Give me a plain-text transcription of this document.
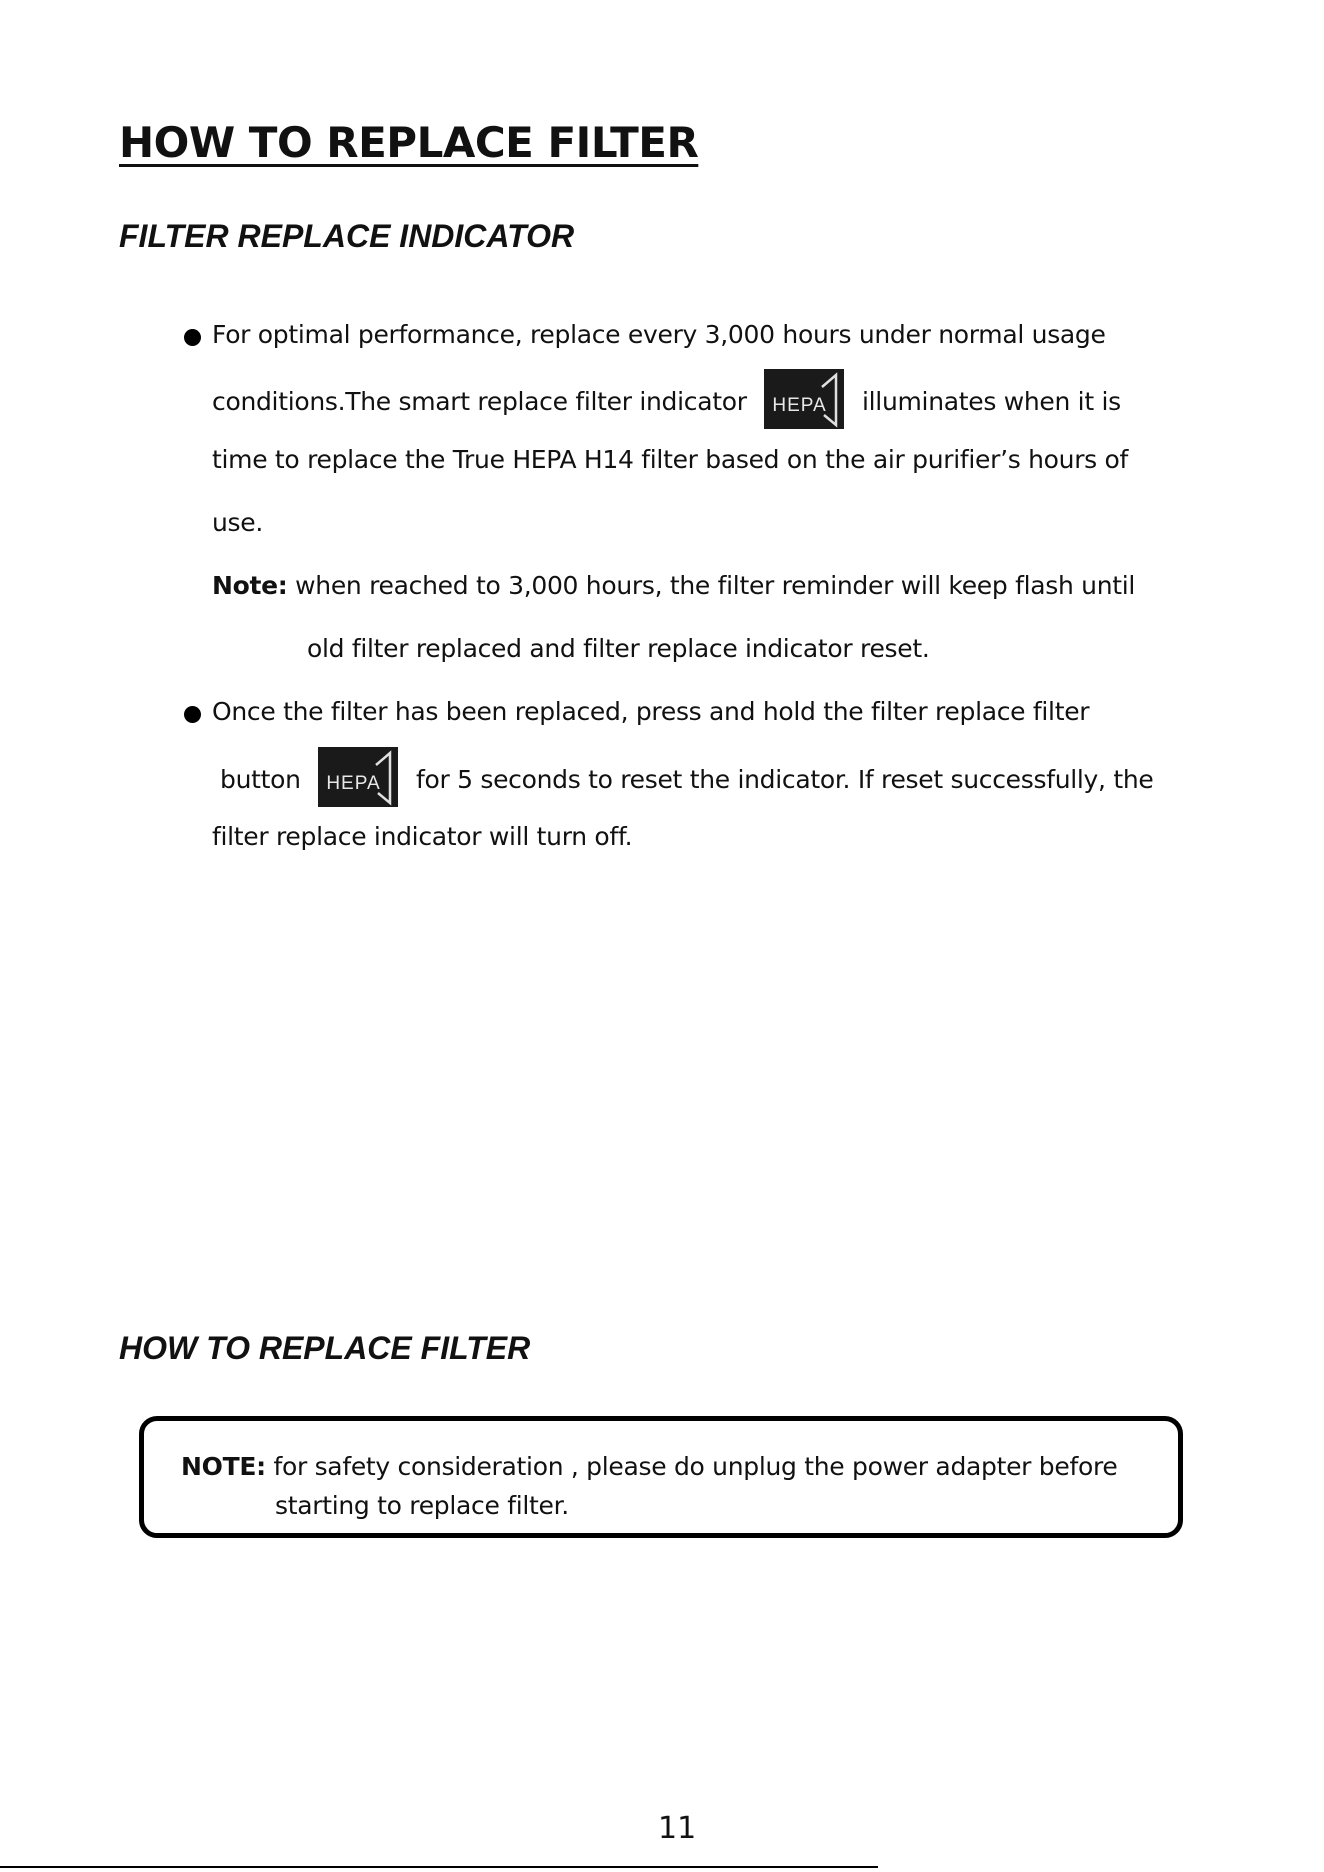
HOW TO REPLACE FILTER
FILTER REPLACE INDICATOR
For optimal performance, replace every 3,000 hours under normal usage
conditions.The smart replace filter indicator HEPA illuminates when it is
time to replace the True HEPA H14 filter based on the air purifier’s hours of
use.
Note: when reached to 3,000 hours, the filter reminder will keep flash until
old filter replaced and filter replace indicator reset.
Once the filter has been replaced, press and hold the filter replace filter
button HEPA for 5 seconds to reset the indicator. If reset successfully, the
filter replace indicator will turn off.
HOW TO REPLACE FILTER
NOTE: for safety consideration , please do unplug the power adapter before
starting to replace filter.
11
